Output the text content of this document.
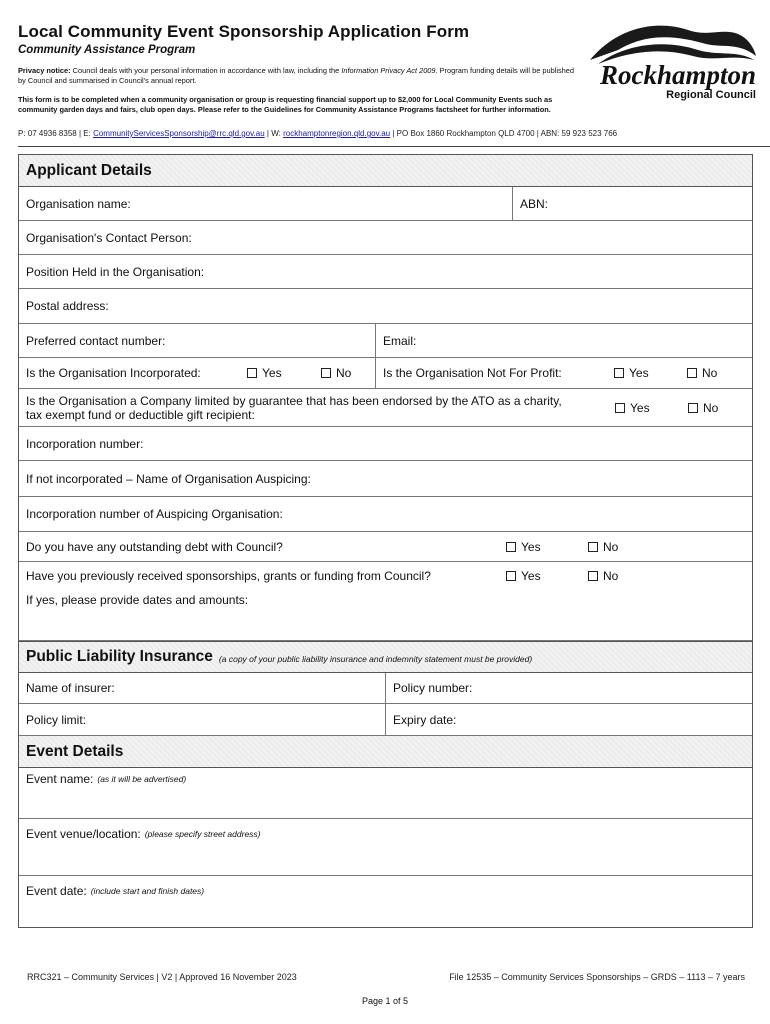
Local Community Event Sponsorship Application Form
Community Assistance Program
Privacy notice: Council deals with your personal information in accordance with law, including the Information Privacy Act 2009. Program funding details will be published by Council and summarised in Council's annual report.
This form is to be completed when a community organisation or group is requesting financial support up to $2,000 for Local Community Events such as community garden days and fairs, club open days. Please refer to the Guidelines for Community Assistance Programs factsheet for further information.
P: 07 4936 8358 | E: CommunityServicesSponsorship@rrc.qld.gov.au | W: rockhamptonregion.qld.gov.au | PO Box 1860 Rockhampton QLD 4700 | ABN: 59 923 523 766
Rockhampton
Regional Council
Applicant Details
Organisation name:	ABN:
Organisation's Contact Person:
Position Held in the Organisation:
Postal address:
Preferred contact number:	Email:
Is the Organisation Incorporated:	Yes	No	Is the Organisation Not For Profit:	Yes	No
Is the Organisation a Company limited by guarantee that has been endorsed by the ATO as a charity, tax exempt fund or deductible gift recipient:	Yes	No
Incorporation number:
If not incorporated – Name of Organisation Auspicing:
Incorporation number of Auspicing Organisation:
Do you have any outstanding debt with Council?	Yes	No
Have you previously received sponsorships, grants or funding from Council?	Yes	No
If yes, please provide dates and amounts:
Public Liability Insurance (a copy of your public liability insurance and indemnity statement must be provided)
Name of insurer:	Policy number:
Policy limit:	Expiry date:
Event Details
Event name: (as it will be advertised)
Event venue/location: (please specify street address)
Event date: (include start and finish dates)
RRC321 – Community Services | V2 | Approved 16 November 2023	File 12535 – Community Services Sponsorships – GRDS – 1113 – 7 years
Page 1 of 5
